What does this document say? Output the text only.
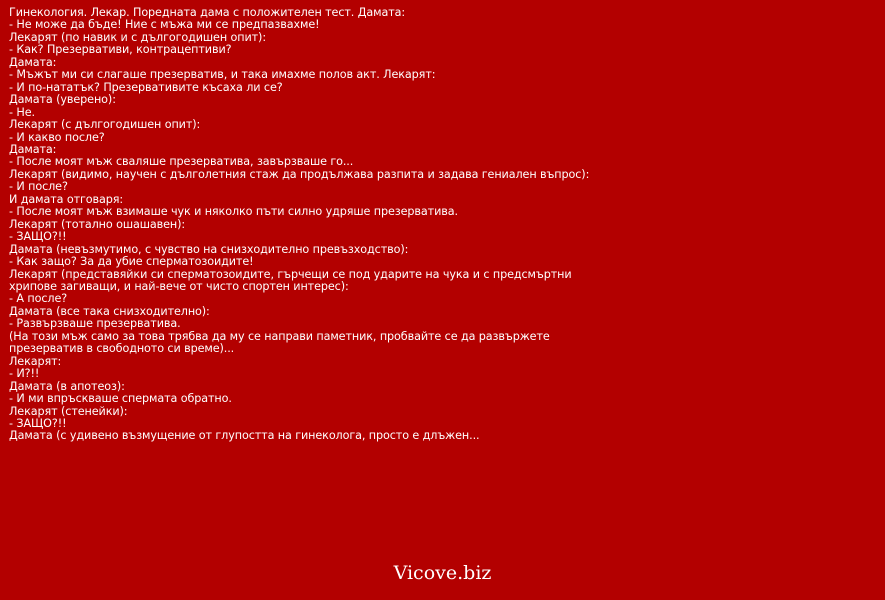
Гинекология. Лекар. Поредната дама с положителен тест. Дамата:
- Не може да бъде! Ние с мъжа ми се предпазвахме!
Лекарят (по навик и с дългогодишен опит):
- Как? Презервативи, контрацептиви?
Дамата:
- Мъжът ми си слагаше презерватив, и така имахме полов акт. Лекарят:
- И по-нататък? Презервативите късаха ли се?
Дамата (уверено):
- Не.
Лекарят (с дългогодишен опит):
- И какво после?
Дамата:
- После моят мъж сваляше презерватива, завързваше го...
Лекарят (видимо, научен с дълголетния стаж да продължава разпита и задава гениален въпрос):
- И после?
И дамата отговаря:
- После моят мъж взимаше чук и няколко пъти силно удряше презерватива.
Лекарят (тотално ошашавен):
- ЗАЩО?!!
Дамата (невъзмутимо, с чувство на снизходително превъзходство):
- Как защо? За да убие сперматозоидите!
Лекарят (представяйки си сперматозоидите, гърчещи се под ударите на чука и с предсмъртни хрипове загиващи, и най-вече от чисто спортен интерес):
- А после?
Дамата (все така снизходително):
- Развързваше презерватива.
(На този мъж само за това трябва да му се направи паметник, пробвайте се да развържете презерватив в свободното си време)...
Лекарят:
- И?!!
Дамата (в апотеоз):
- И ми впръскваше спермата обратно.
Лекарят (стенейки):
- ЗАЩО?!!
Дамата (с удивено възмущение от глупостта на гинеколога, просто е длъжен...
Vicove.biz
